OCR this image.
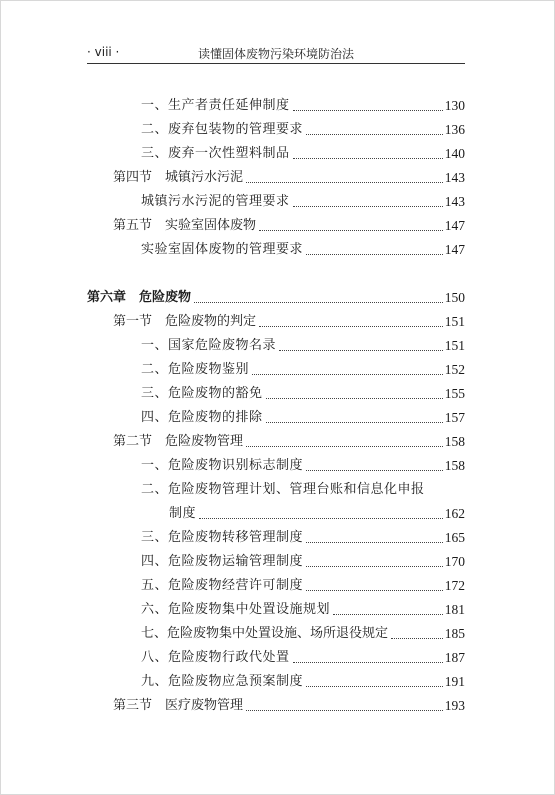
· viii ·	读懂固体废物污染环境防治法
一、生产者责任延伸制度	130
二、废弃包装物的管理要求	136
三、废弃一次性塑料制品	140
第四节　城镇污水污泥	143
城镇污水污泥的管理要求	143
第五节　实验室固体废物	147
实验室固体废物的管理要求	147
第六章　危险废物	150
第一节　危险废物的判定	151
一、国家危险废物名录	151
二、危险废物鉴别	152
三、危险废物的豁免	155
四、危险废物的排除	157
第二节　危险废物管理	158
一、危险废物识别标志制度	158
二、危险废物管理计划、管理台账和信息化申报
制度	162
三、危险废物转移管理制度	165
四、危险废物运输管理制度	170
五、危险废物经营许可制度	172
六、危险废物集中处置设施规划	181
七、危险废物集中处置设施、场所退役规定	185
八、危险废物行政代处置	187
九、危险废物应急预案制度	191
第三节　医疗废物管理	193
